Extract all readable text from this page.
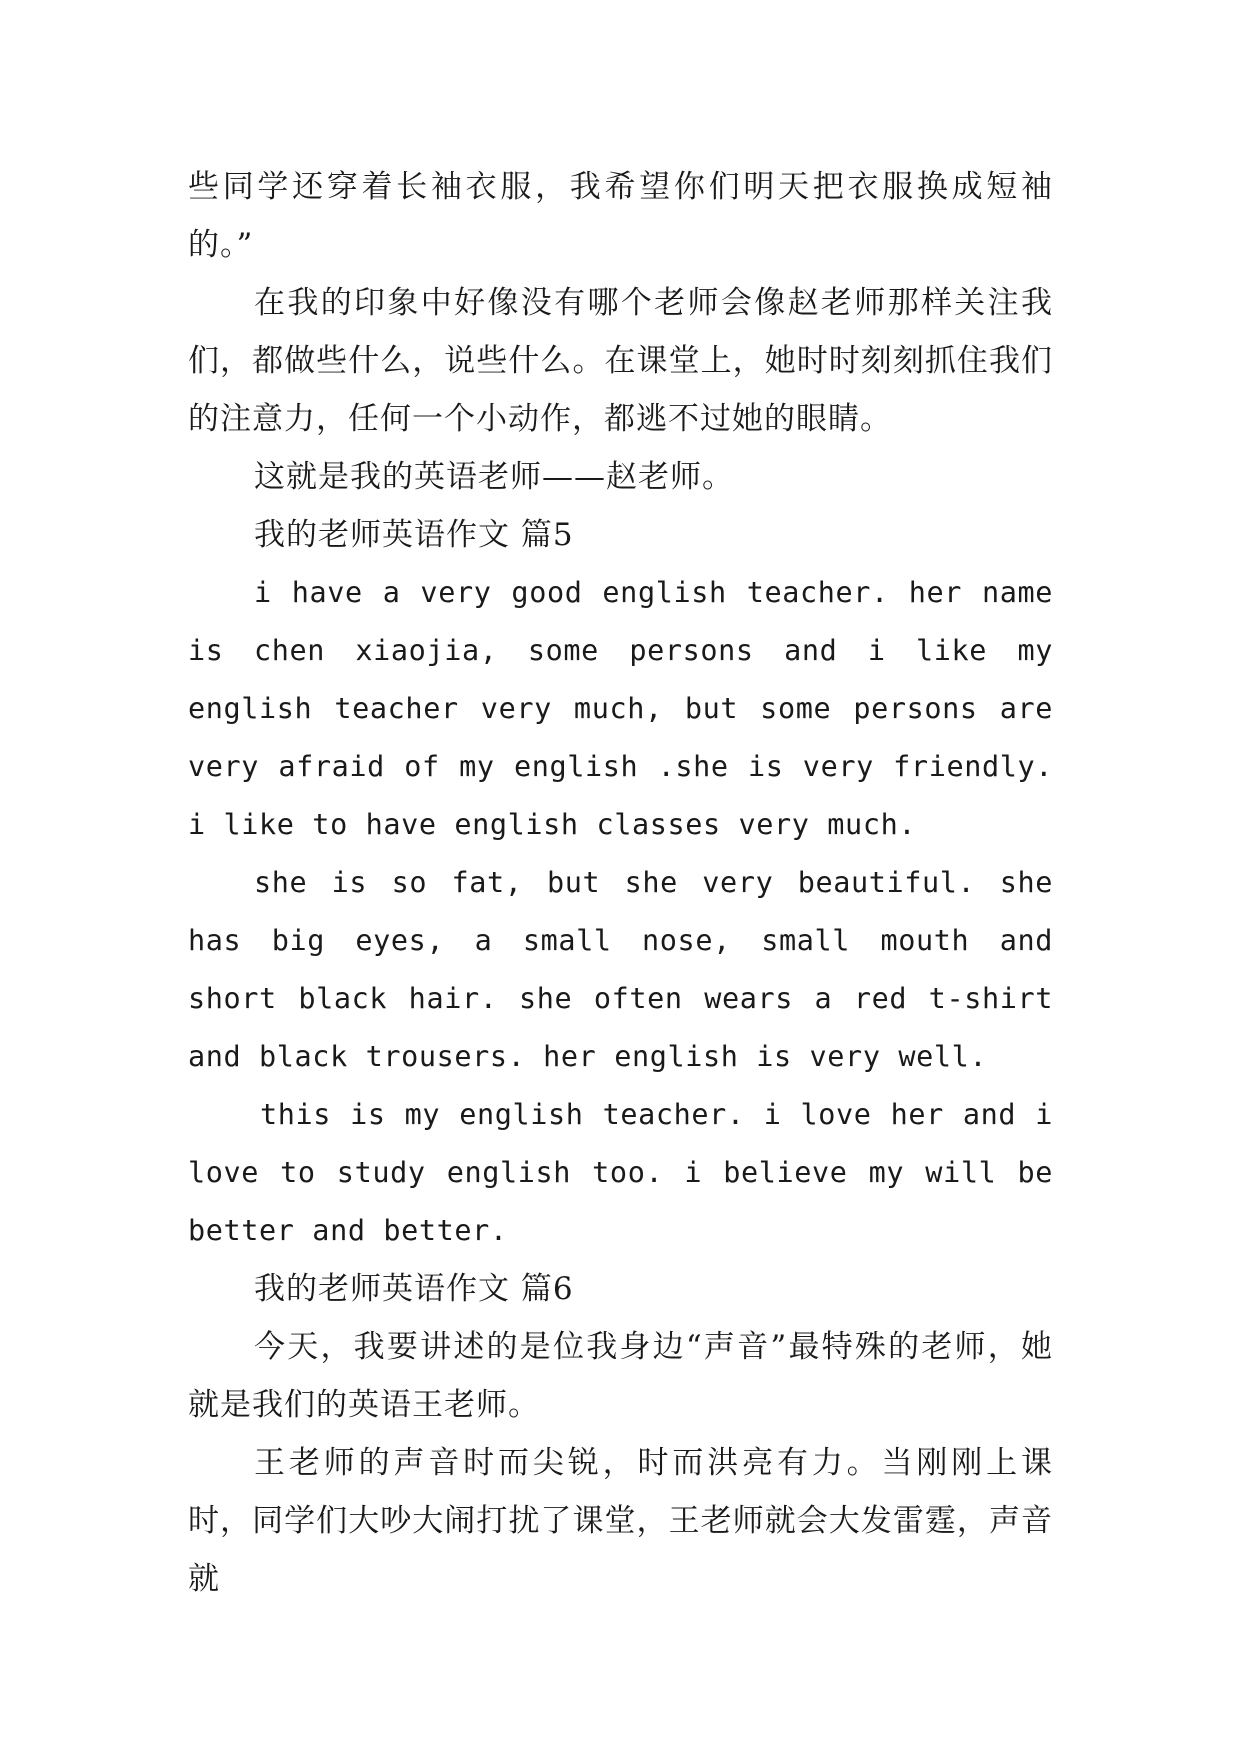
些同学还穿着长袖衣服，我希望你们明天把衣服换成短袖的。”

在我的印象中好像没有哪个老师会像赵老师那样关注我们，都做些什么，说些什么。在课堂上，她时时刻刻抓住我们的注意力，任何一个小动作，都逃不过她的眼睛。

这就是我的英语老师——赵老师。

我的老师英语作文 篇5

i have a very good english teacher. her name is chen xiaojia, some persons and i like my english teacher very much, but some persons are very afraid of my english .she is very friendly. i like to have english classes very much.

she is so fat, but she very beautiful. she has big eyes, a small nose, small mouth and short black hair. she often wears a red t-shirt and black trousers. her english is very well.

this is my english teacher. i love her and i love to study english too. i believe my will be better and better.

我的老师英语作文 篇6

今天，我要讲述的是位我身边“声音”最特殊的老师，她就是我们的英语王老师。

王老师的声音时而尖锐，时而洪亮有力。当刚刚上课时，同学们大吵大闹打扰了课堂，王老师就会大发雷霆，声音就
